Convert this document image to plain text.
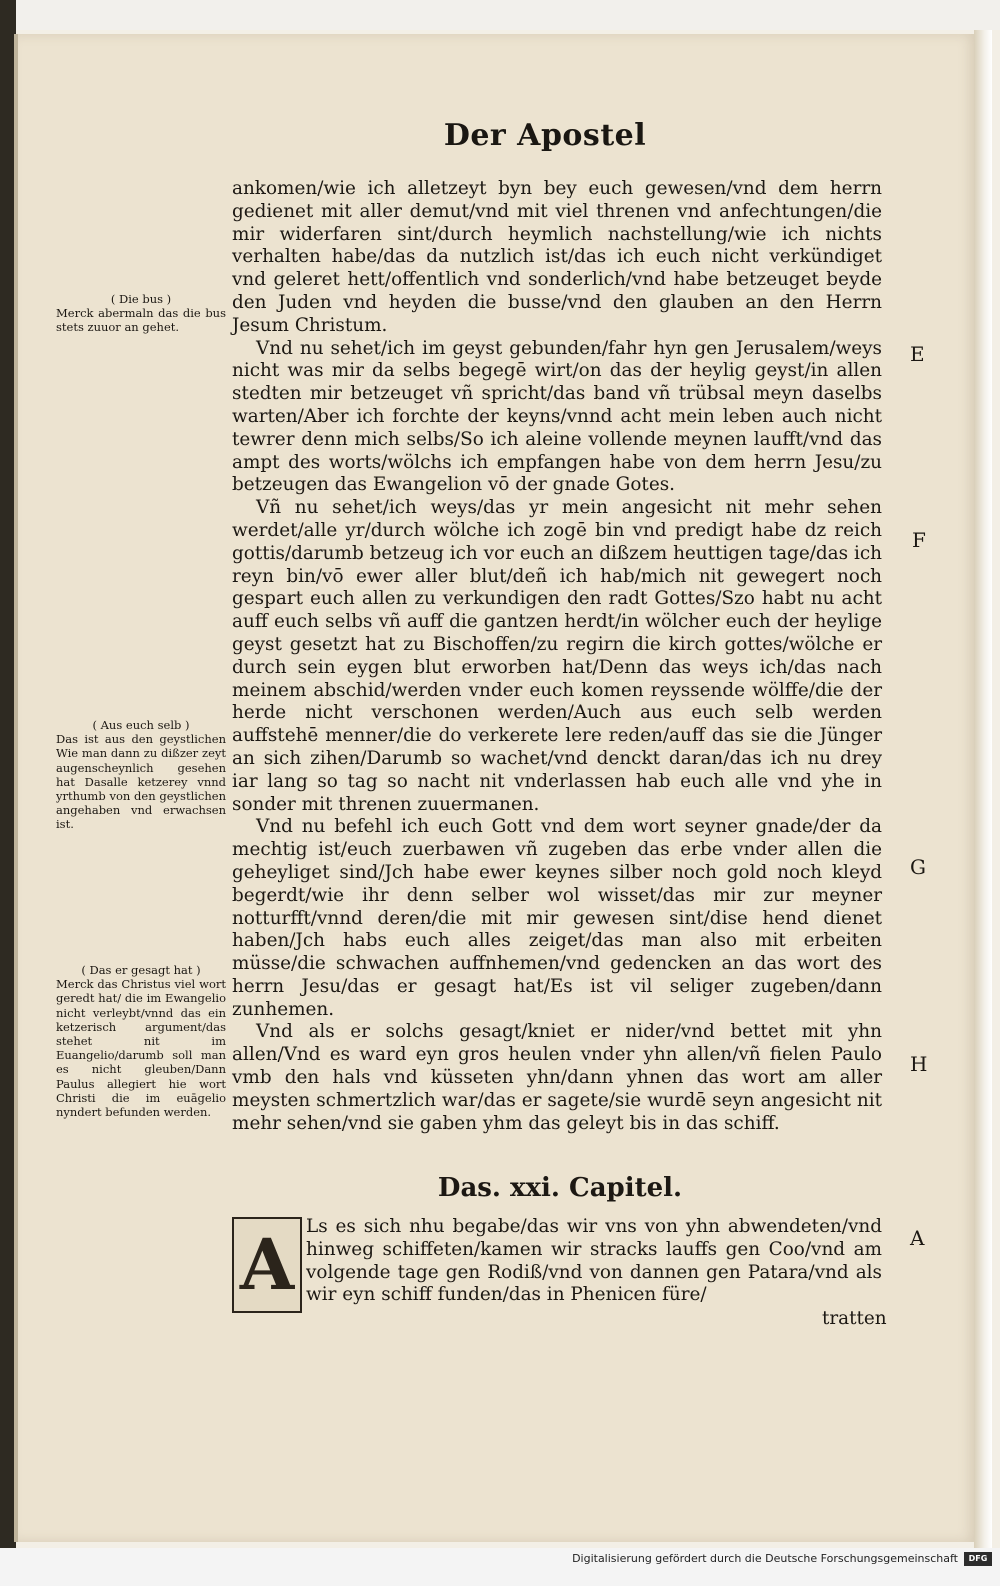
Der Apostel

ankomen/wie ich alletzeyt byn bey euch gewesen/vnd dem herrn gedienet mit aller demut/vnd mit viel threnen vnd anfechtungen/die mir widerfaren sint/durch heymlich nachstellung/wie ich nichts verhalten habe/das da nutzlich ist/das ich euch nicht verkündiget vnd geleret hett/offentlich vnd sonderlich/vnd habe betzeuget beyde den Juden vnd heyden die busse/vnd den glauben an den Herrn Jesum Christum.

Vnd nu sehet/ich im geyst gebunden/fahr hyn gen Jerusalem/weys nicht was mir da selbs begegē wirt/on das der heylig geyst/in allen stedten mir betzeuget vñ spricht/das band vñ trübsal meyn daselbs warten/Aber ich forchte der keyns/vnnd acht mein leben auch nicht tewrer denn mich selbs/So ich aleine vollende meynen laufft/vnd das ampt des worts/wölchs ich empfangen habe von dem herrn Jesu/zu betzeugen das Ewangelion vō der gnade Gotes.

Vñ nu sehet/ich weys/das yr mein angesicht nit mehr sehen werdet/alle yr/durch wölche ich zogē bin vnd predigt habe dz reich gottis/darumb betzeug ich vor euch an dißzem heuttigen tage/das ich reyn bin/vō ewer aller blut/deñ ich hab/mich nit gewegert noch gespart euch allen zu verkundigen den radt Gottes/Szo habt nu acht auff euch selbs vñ auff die gantzen herdt/in wölcher euch der heylige geyst gesetzt hat zu Bischoffen/zu regirn die kirch gottes/wölche er durch sein eygen blut erworben hat/Denn das weys ich/das nach meinem abschid/werden vnder euch komen reyssende wölffe/die der herde nicht verschonen werden/Auch aus euch selb werden auffstehē menner/die do verkerete lere reden/auff das sie die Jünger an sich zihen/Darumb so wachet/vnd denckt daran/das ich nu drey iar lang so tag so nacht nit vnderlassen hab euch alle vnd yhe in sonder mit threnen zuuermanen.

Vnd nu befehl ich euch Gott vnd dem wort seyner gnade/der da mechtig ist/euch zuerbawen vñ zugeben das erbe vnder allen die geheyliget sind/Jch habe ewer keynes silber noch gold noch kleyd begerdt/wie ihr denn selber wol wisset/das mir zur meyner notturfft/vnnd deren/die mit mir gewesen sint/dise hend dienet haben/Jch habs euch alles zeiget/das man also mit erbeiten müsse/die schwachen auffnhemen/vnd gedencken an das wort des herrn Jesu/das er gesagt hat/Es ist vil seliger zugeben/dann zunhemen.

Vnd als er solchs gesagt/kniet er nider/vnd bettet mit yhn allen/Vnd es ward eyn gros heulen vnder yhn allen/vñ fielen Paulo vmb den hals vnd küsseten yhn/dann yhnen das wort am aller meysten schmertzlich war/das er sagete/sie wurdē seyn angesicht nit mehr sehen/vnd sie gaben yhm das geleyt bis in das schiff.

( Die bus )
Merck abermaln das die bus stets zuuor an gehet.
( Aus euch selb )
Das ist aus den geystlichen Wie man dann zu dißzer zeyt augenscheynlich gesehen hat Dasalle ketzerey vnnd yrthumb von den geystlichen angehaben vnd erwachsen ist.
( Das er gesagt hat )
Merck das Christus viel wort geredt hat/ die im Ewangelio nicht verleybt/vnnd das ein ketzerisch argument/das stehet nit im Euangelio/darumb soll man es nicht gleuben/Dann Paulus allegiert hie wort Christi die im euāgelio nyndert befunden werden.
E
F
G
H
A
Das. xxi. Capitel.
A Ls es sich nhu begabe/das wir vns von yhn abwendeten/vnd hinweg schiffeten/kamen wir stracks lauffs gen Coo/vnd am volgende tage gen Rodiß/vnd von dannen gen Patara/vnd als wir eyn schiff funden/das in Phenicen füre/
tratten
Digitalisierung gefördert durch die Deutsche Forschungsgemeinschaft	DFG
